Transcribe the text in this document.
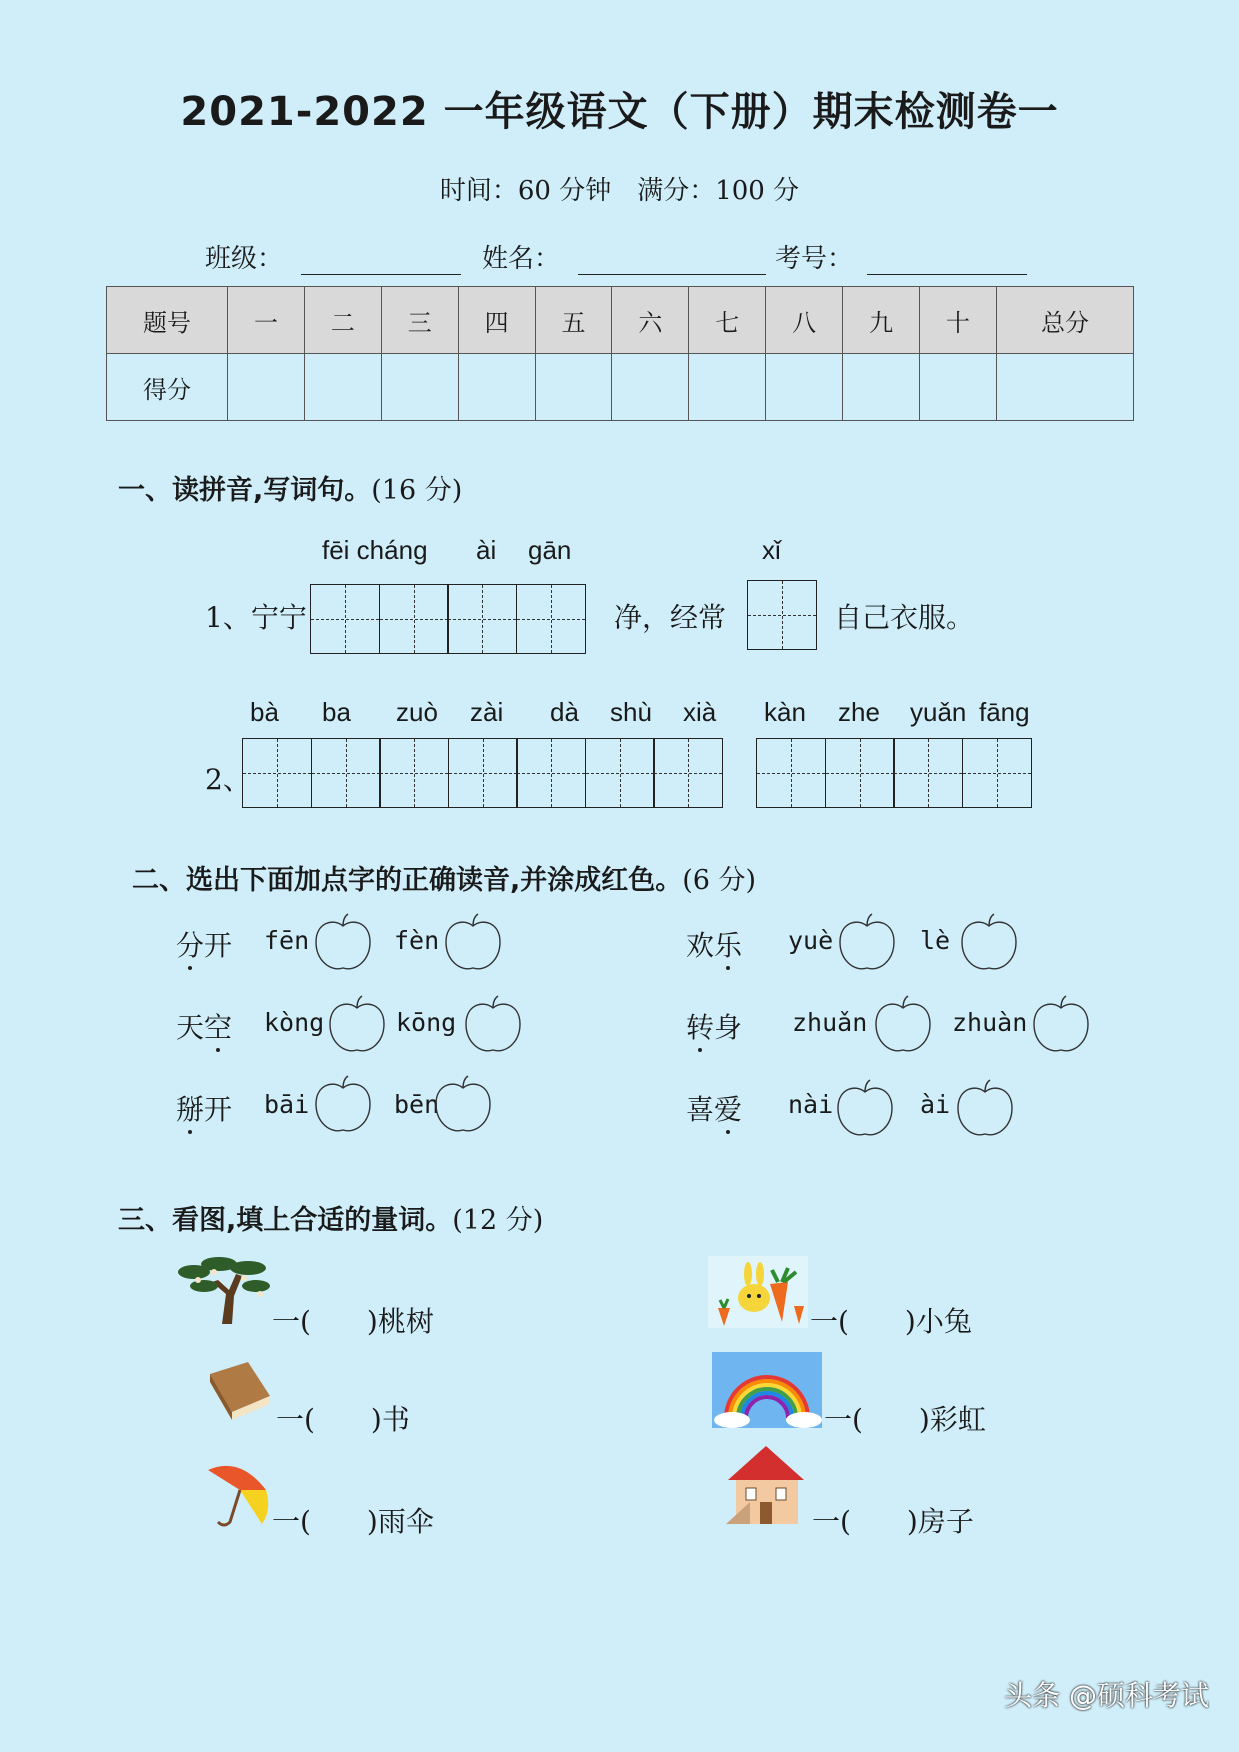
2021-2022 一年级语文（下册）期末检测卷一
时间：60 分钟　满分：100 分
班级：	姓名：	考号：
题号	一	二	三	四	五	六	七	八	九	十	总分
得分											
一、读拼音,写词句。(16 分)
fēi cháng ài gān	xǐ
1、宁宁	净，经常	自己衣服。
bà ba zuò zài dà shù xià kàn zhe yuǎn fāng
2、
二、选出下面加点字的正确读音,并涂成红色。(6 分)
分开 fēn	fèn	欢乐 yuè	lè
天空 kòng	kōng	转身 zhuǎn	zhuàn
掰开 bāi	bēn	喜爱 nài	ài
三、看图,填上合适的量词。(12 分)
一(　　)桃树	一(　　)小兔
一(　　)书	一(　　)彩虹
一(　　)雨伞	一(　　)房子
头条 @硕科考试
